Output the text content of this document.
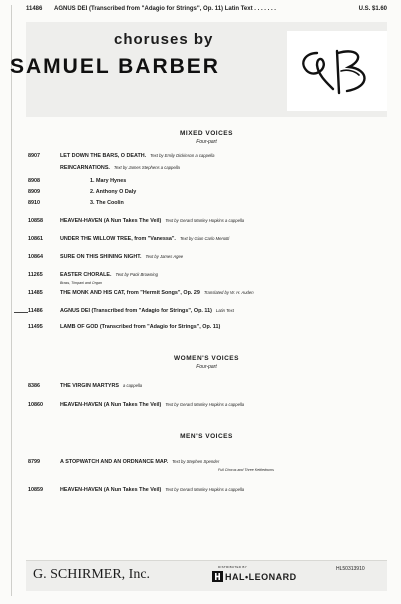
11486 AGNUS DEI (Transcribed from "Adagio for Strings", Op. 11) Latin Text . . . . . . .	U.S. $1.60
choruses by
SAMUEL BARBER
MIXED VOICES
Four-part
8907	LET DOWN THE BARS, O DEATH. Text by Emily Dickinson a cappella
REINCARNATIONS. Text by James Stephens a cappella
8908	1. Mary Hynes
8909	2. Anthony O Daly
8910	3. The Coolin
10858	HEAVEN-HAVEN (A Nun Takes The Veil) Text by Gerard Manley Hopkins a cappella
10861	UNDER THE WILLOW TREE, from "Vanessa". Text by Gian Carlo Menotti
10864	SURE ON THIS SHINING NIGHT. Text by James Agee
11265	EASTER CHORALE. Text by Pack Browning
Brass, Timpani and Organ
11485	THE MONK AND HIS CAT, from "Hermit Songs", Op. 29 Translated by W. H. Auden
11486	AGNUS DEI (Transcribed from "Adagio for Strings", Op. 11) Latin Text
11495	LAMB OF GOD (Transcribed from "Adagio for Strings", Op. 11)
WOMEN'S VOICES
Four-part
8386	THE VIRGIN MARTYRS a cappella
10860	HEAVEN-HAVEN (A Nun Takes The Veil) Text by Gerard Manley Hopkins a cappella
MEN'S VOICES
8799	A STOPWATCH AND AN ORDNANCE MAP. Text by Stephen Spender
Full Chorus and Three Kettledrums
10859	HEAVEN-HAVEN (A Nun Takes The Veil) Text by Gerard Manley Hopkins a cappella
G. SCHIRMER, Inc.	DISTRIBUTED BY
HAL•LEONARD
HL50313910
